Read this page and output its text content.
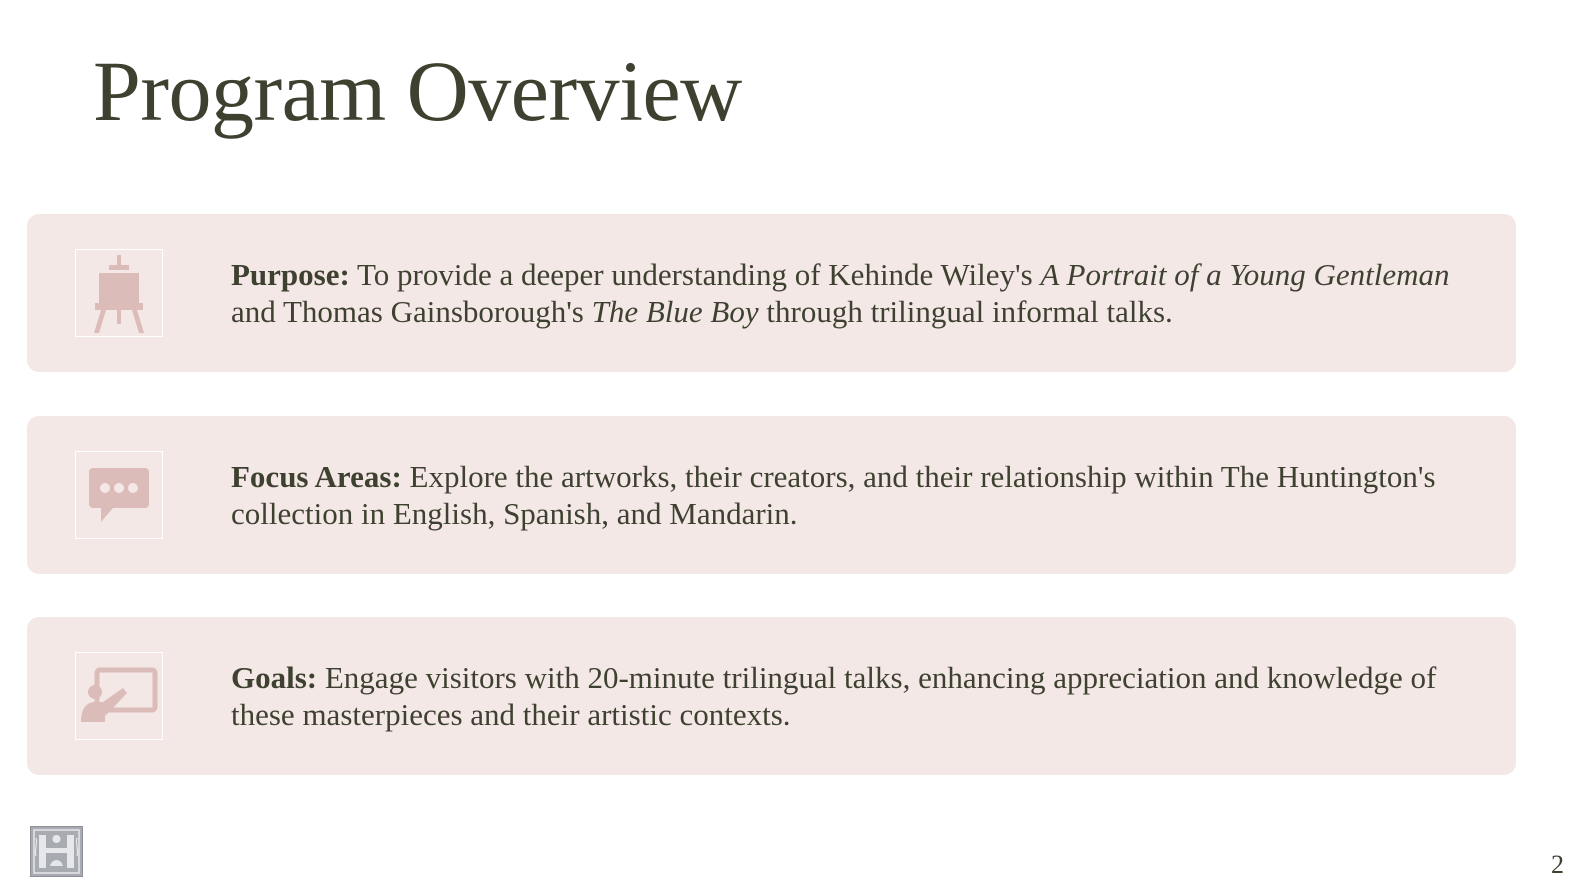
Program Overview

Purpose: To provide a deeper understanding of Kehinde Wiley's A Portrait of a Young Gentleman and Thomas Gainsborough's The Blue Boy through trilingual informal talks.

Focus Areas: Explore the artworks, their creators, and their relationship within The Huntington's collection in English, Spanish, and Mandarin.

Goals: Engage visitors with 20-minute trilingual talks, enhancing appreciation and knowledge of these masterpieces and their artistic contexts.

2
